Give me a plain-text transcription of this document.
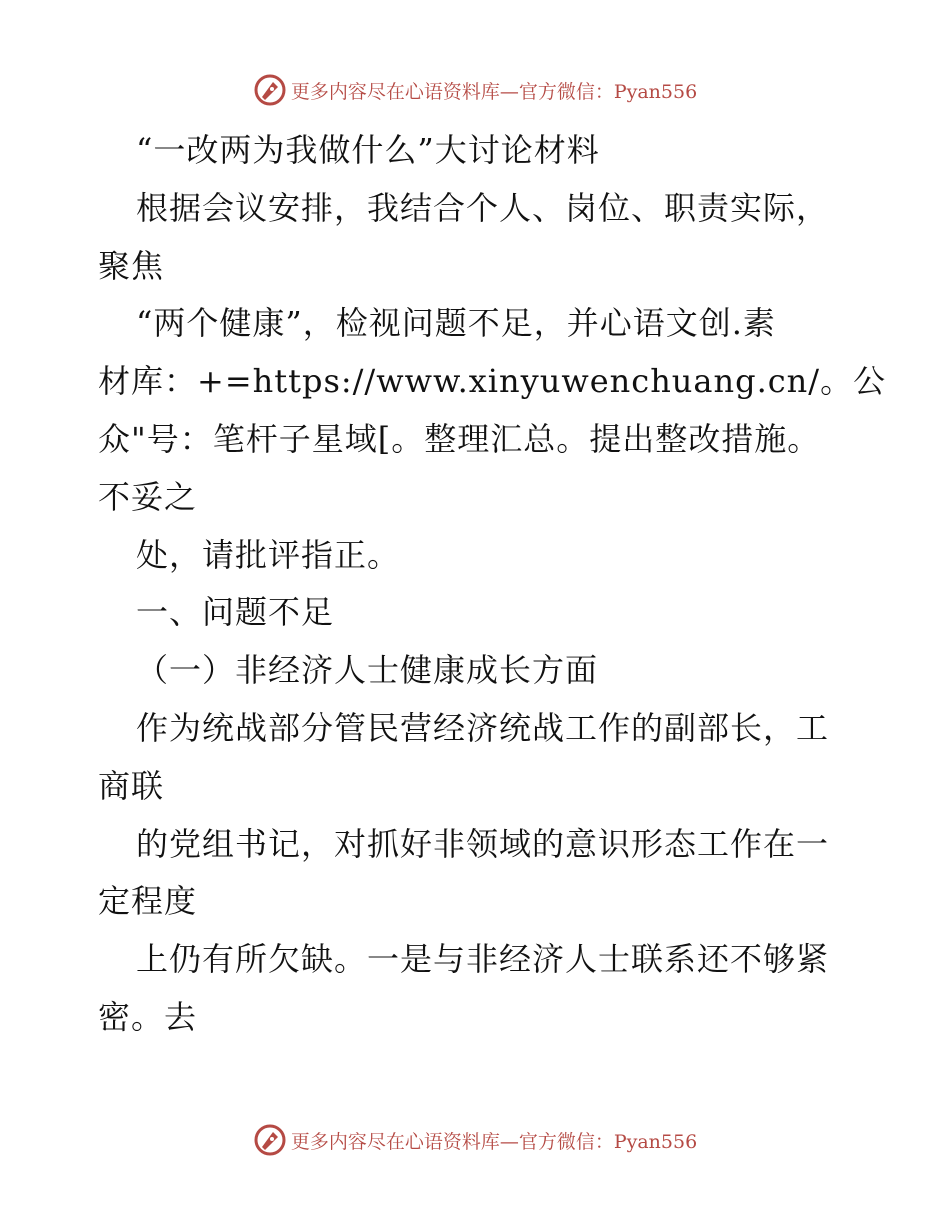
更多内容尽在心语资料库—官方微信：Pyan556
“一改两为我做什么”大讨论材料
根据会议安排，我结合个人、岗位、职责实际，
聚焦
“两个健康”，检视问题不足，并心语文创.素
材库：+=https://www.xinyuwenchuang.cn/。公
众"号：笔杆子星域[。整理汇总。提出整改措施。
不妥之
处，请批评指正。
一、问题不足
（一）非经济人士健康成长方面
作为统战部分管民营经济统战工作的副部长，工
商联
的党组书记，对抓好非领域的意识形态工作在一
定程度
上仍有所欠缺。一是与非经济人士联系还不够紧
密。去
更多内容尽在心语资料库—官方微信：Pyan556
